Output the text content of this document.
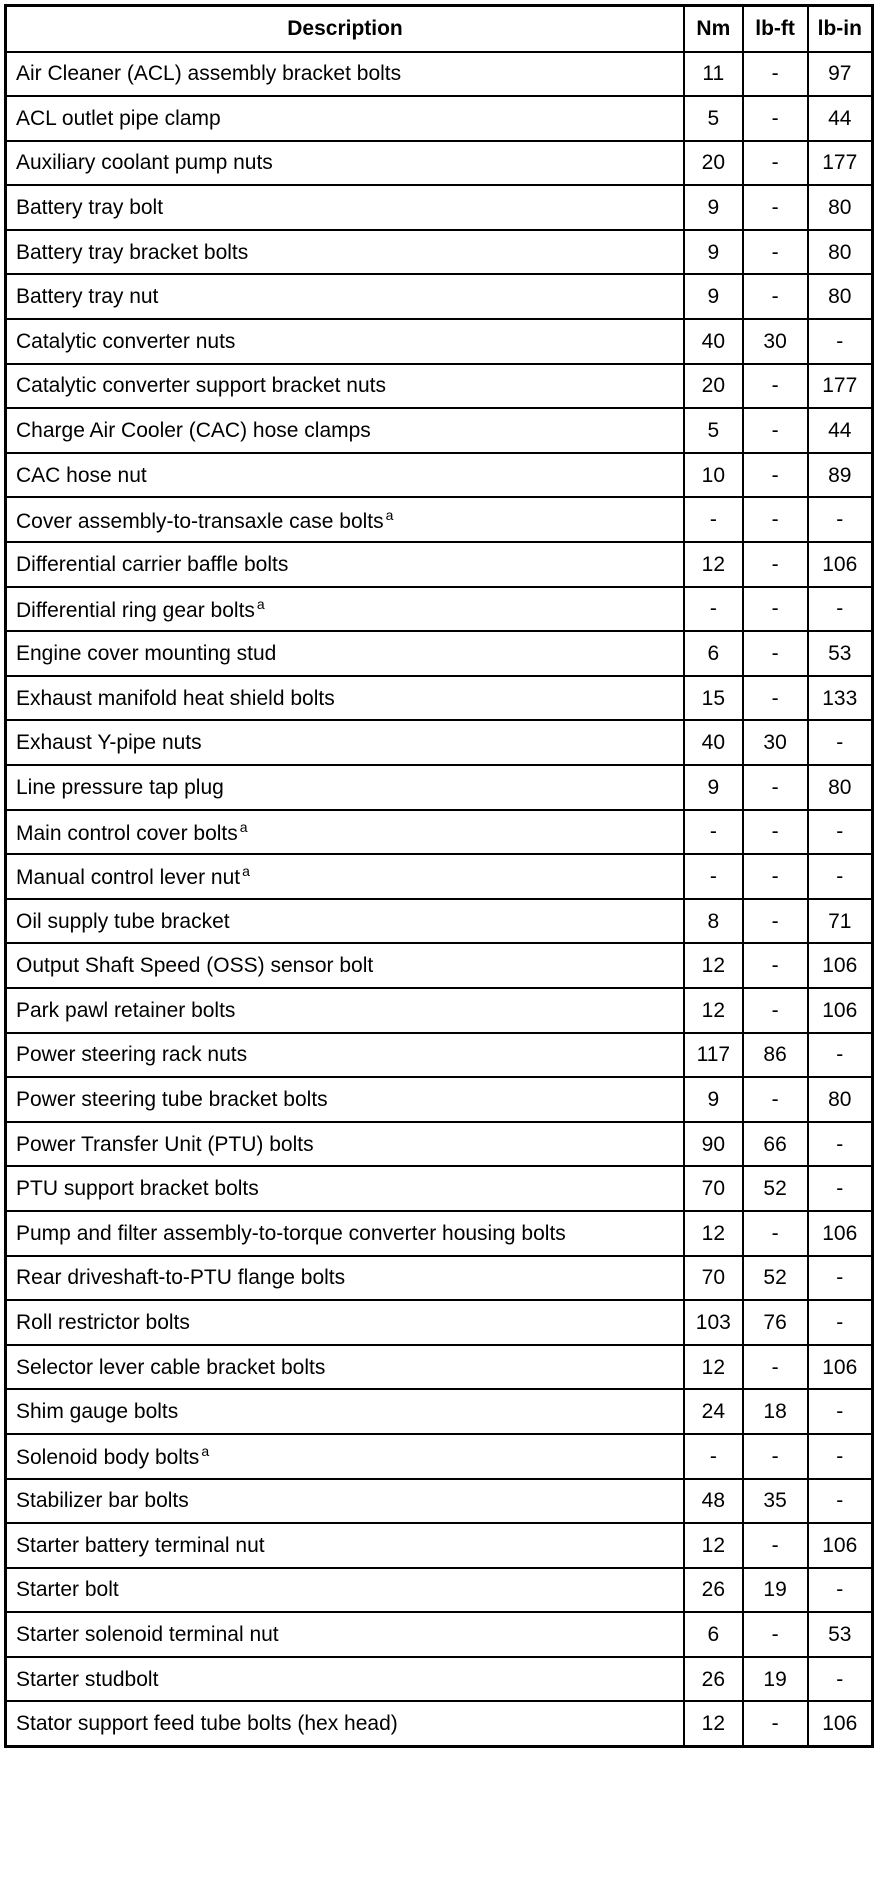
Description	Nm	lb-ft	lb-in
Air Cleaner (ACL) assembly bracket bolts	11	-	97
ACL outlet pipe clamp	5	-	44
Auxiliary coolant pump nuts	20	-	177
Battery tray bolt	9	-	80
Battery tray bracket bolts	9	-	80
Battery tray nut	9	-	80
Catalytic converter nuts	40	30	-
Catalytic converter support bracket nuts	20	-	177
Charge Air Cooler (CAC) hose clamps	5	-	44
CAC hose nut	10	-	89
Cover assembly-to-transaxle case bolts $^a$	-	-	-
Differential carrier baffle bolts	12	-	106
Differential ring gear bolts $^a$	-	-	-
Engine cover mounting stud	6	-	53
Exhaust manifold heat shield bolts	15	-	133
Exhaust Y-pipe nuts	40	30	-
Line pressure tap plug	9	-	80
Main control cover bolts $^a$	-	-	-
Manual control lever nut $^a$	-	-	-
Oil supply tube bracket	8	-	71
Output Shaft Speed (OSS) sensor bolt	12	-	106
Park pawl retainer bolts	12	-	106
Power steering rack nuts	117	86	-
Power steering tube bracket bolts	9	-	80
Power Transfer Unit (PTU) bolts	90	66	-
PTU support bracket bolts	70	52	-
Pump and filter assembly-to-torque converter housing bolts	12	-	106
Rear driveshaft-to-PTU flange bolts	70	52	-
Roll restrictor bolts	103	76	-
Selector lever cable bracket bolts	12	-	106
Shim gauge bolts	24	18	-
Solenoid body bolts $^a$	-	-	-
Stabilizer bar bolts	48	35	-
Starter battery terminal nut	12	-	106
Starter bolt	26	19	-
Starter solenoid terminal nut	6	-	53
Starter studbolt	26	19	-
Stator support feed tube bolts (hex head)	12	-	106
